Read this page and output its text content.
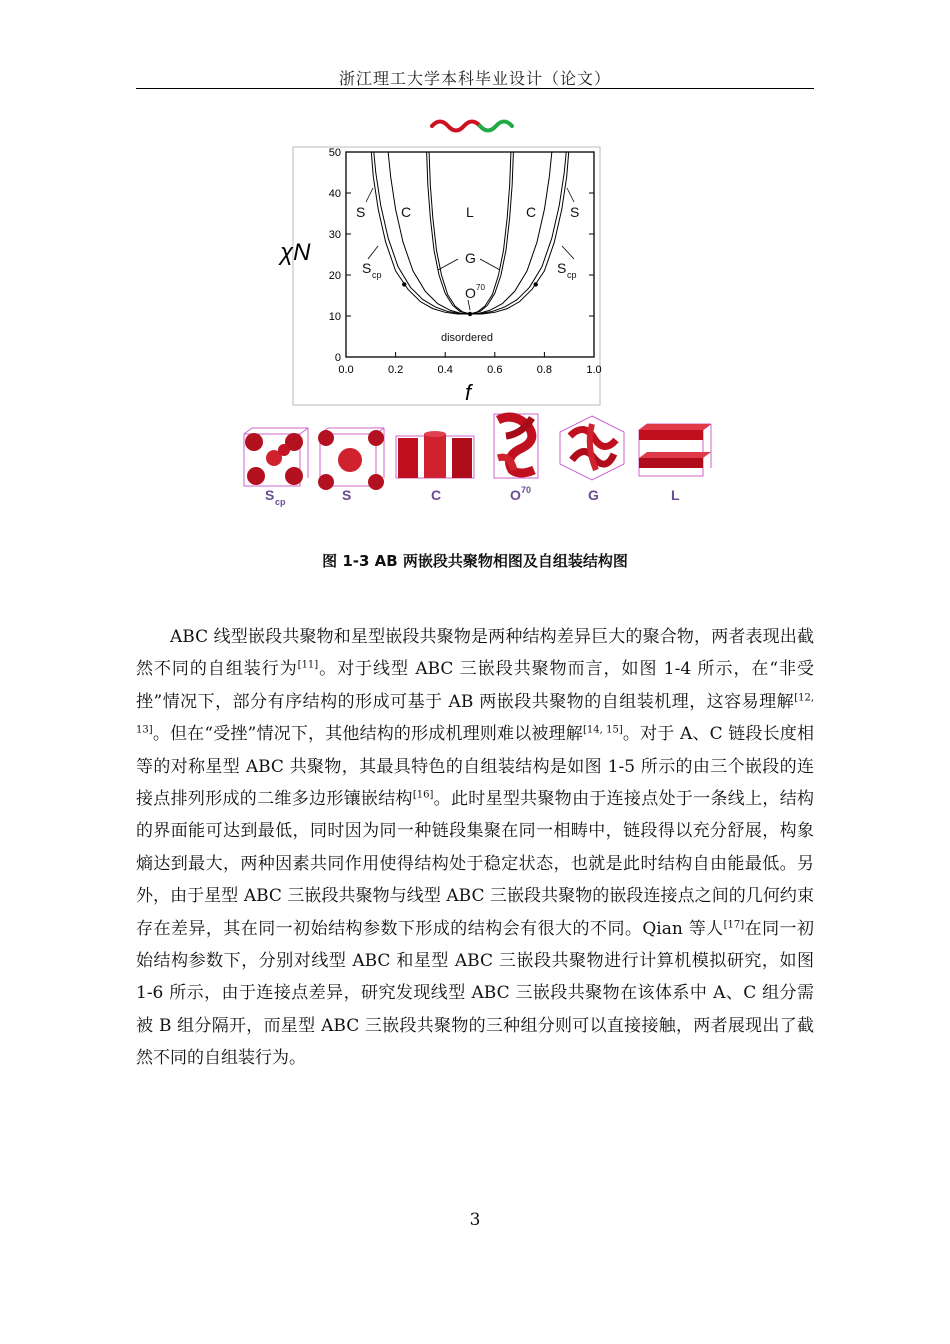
浙江理工大学本科毕业设计（论文）
0.0	0.2	0.4	0.6	0.8	1.0
0
10
20
30
40
50
χN
f
S	C	L	C S
G
S cp	S cp
O 70
disordered
S cp	S	C	O 70	G	L
图 1-3 AB 两嵌段共聚物相图及自组装结构图

ABC 线型嵌段共聚物和星型嵌段共聚物是两种结构差异巨大的聚合物，两者表现出截然不同的自组装行为[11]。对于线型 ABC 三嵌段共聚物而言，如图 1-4 所示，在“非受挫”情况下，部分有序结构的形成可基于 AB 两嵌段共聚物的自组装机理，这容易理解[12, 13]。但在“受挫”情况下，其他结构的形成机理则难以被理解[14, 15]。对于 A、C 链段长度相等的对称星型 ABC 共聚物，其最具特色的自组装结构是如图 1-5 所示的由三个嵌段的连接点排列形成的二维多边形镶嵌结构[16]。此时星型共聚物由于连接点处于一条线上，结构的界面能可达到最低，同时因为同一种链段集聚在同一相畴中，链段得以充分舒展，构象熵达到最大，两种因素共同作用使得结构处于稳定状态，也就是此时结构自由能最低。另外，由于星型 ABC 三嵌段共聚物与线型 ABC 三嵌段共聚物的嵌段连接点之间的几何约束存在差异，其在同一初始结构参数下形成的结构会有很大的不同。Qian 等人[17]在同一初始结构参数下，分别对线型 ABC 和星型 ABC 三嵌段共聚物进行计算机模拟研究，如图 1-6 所示，由于连接点差异，研究发现线型 ABC 三嵌段共聚物在该体系中 A、C 组分需被 B 组分隔开，而星型 ABC 三嵌段共聚物的三种组分则可以直接接触，两者展现出了截然不同的自组装行为。

3
